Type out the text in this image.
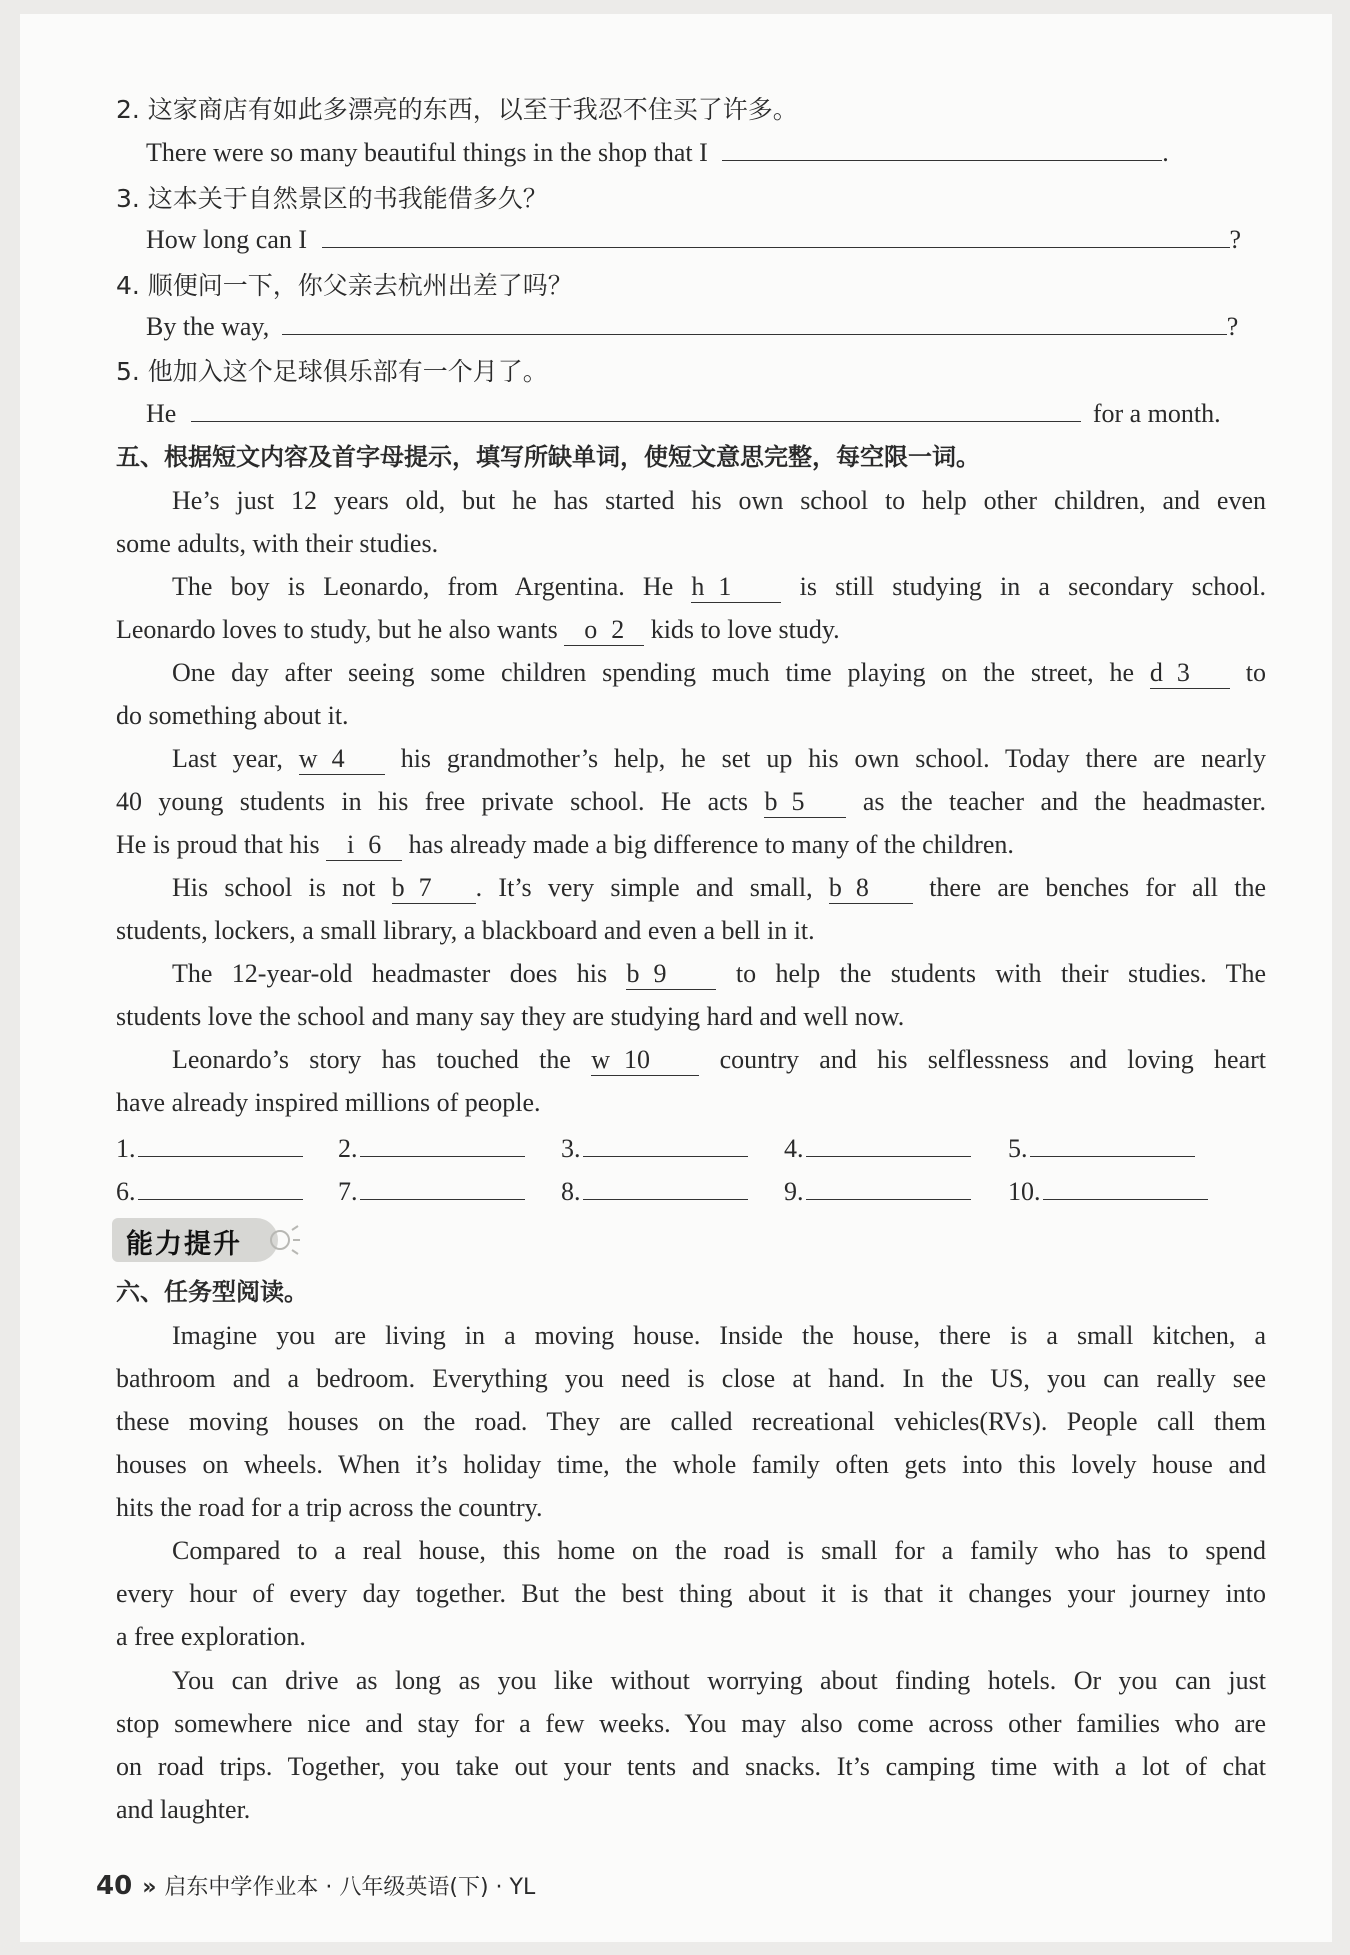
2. 这家商店有如此多漂亮的东西，以至于我忍不住买了许多。
There were so many beautiful things in the shop that I	.
3. 这本关于自然景区的书我能借多久？
How long can I	?
4. 顺便问一下，你父亲去杭州出差了吗？
By the way,	?
5. 他加入这个足球俱乐部有一个月了。
He	for a month.
五、根据短文内容及首字母提示，填写所缺单词，使短文意思完整，每空限一词。
He’s just 12 years old, but he has started his own school to help other children, and even
some adults, with their studies.
The boy is Leonardo, from Argentina. He h 1	is still studying in a secondary school.
Leonardo loves to study, but he also wants o 2 kids to love study.
One day after seeing some children spending much time playing on the street, he d 3 to
do something about it.
Last year, w 4 his grandmother’s help, he set up his own school. Today there are nearly
40 young students in his free private school. He acts b 5 as the teacher and the headmaster.
He is proud that his i 6 has already made a big difference to many of the children.
His school is not b 7 . It’s very simple and small, b 8 there are benches for all the
students, lockers, a small library, a blackboard and even a bell in it.
The 12-year-old headmaster does his b 9	to help the students with their studies. The
students love the school and many say they are studying hard and well now.
Leonardo’s story has touched the w 10	country and his selflessness and loving heart
have already inspired millions of people.
1.	2.	3.	4.	5.
6.	7.	8.	9.	10.
能力提升
六、任务型阅读。
Imagine you are living in a moving house. Inside the house, there is a small kitchen, a
bathroom and a bedroom. Everything you need is close at hand. In the US, you can really see
these moving houses on the road. They are called recreational vehicles(RVs). People call them
houses on wheels. When it’s holiday time, the whole family often gets into this lovely house and
hits the road for a trip across the country.
Compared to a real house, this home on the road is small for a family who has to spend
every hour of every day together. But the best thing about it is that it changes your journey into
a free exploration.
You can drive as long as you like without worrying about finding hotels. Or you can just
stop somewhere nice and stay for a few weeks. You may also come across other families who are
on road trips. Together, you take out your tents and snacks. It’s camping time with a lot of chat
and laughter.
40 » 启东中学作业本 · 八年级英语(下) · YL
